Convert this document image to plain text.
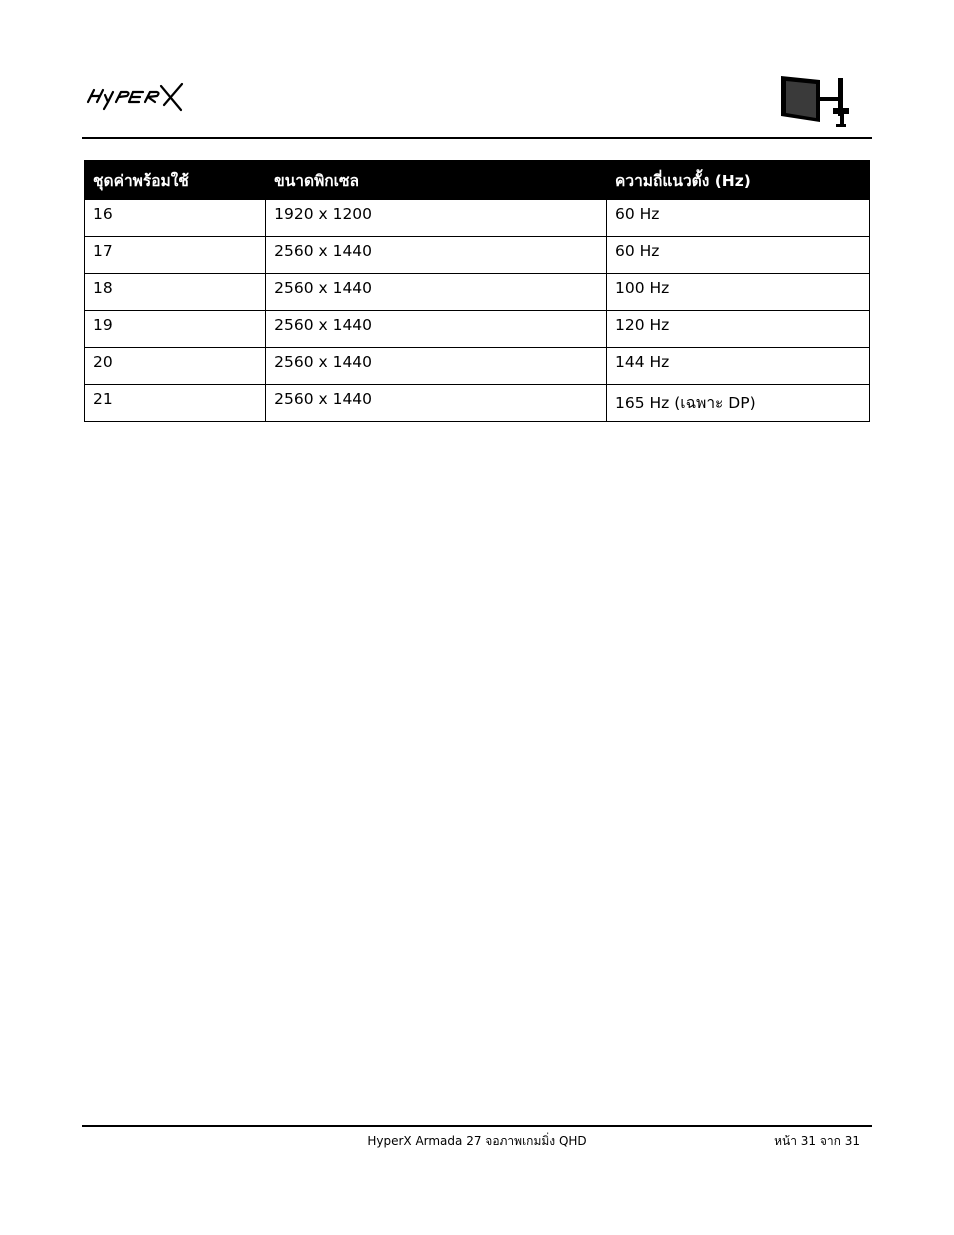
ชุดค่าพร้อมใช้	ขนาดพิกเซล	ความถี่แนวตั้ง (Hz)
16	1920 x 1200	60 Hz
17	2560 x 1440	60 Hz
18	2560 x 1440	100 Hz
19	2560 x 1440	120 Hz
20	2560 x 1440	144 Hz
21	2560 x 1440	165 Hz (เฉพาะ DP)
HyperX Armada 27 จอภาพเกมมิ่ง QHD	หน้า 31 จาก 31
